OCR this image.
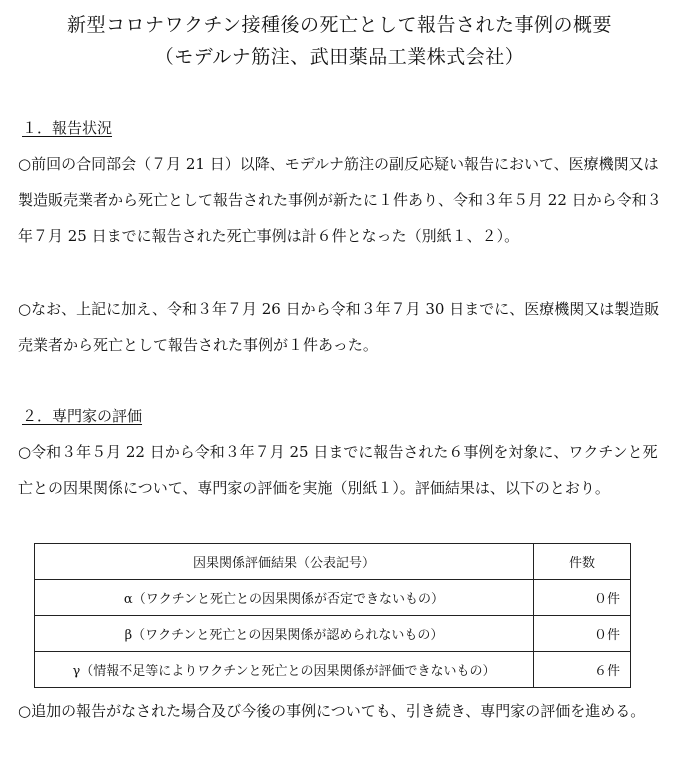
新型コロナワクチン接種後の死亡として報告された事例の概要
（モデルナ筋注、武田薬品工業株式会社）
１．報告状況

○前回の合同部会（７月 21 日）以降、モデルナ筋注の副反応疑い報告において、医療機関又は製造販売業者から死亡として報告された事例が新たに１件あり、令和３年５月 22 日から令和３年７月 25 日までに報告された死亡事例は計６件となった（別紙１、２）。

○なお、上記に加え、令和３年７月 26 日から令和３年７月 30 日までに、医療機関又は製造販売業者から死亡として報告された事例が１件あった。

２．専門家の評価

○令和３年５月 22 日から令和３年７月 25 日までに報告された６事例を対象に、ワクチンと死亡との因果関係について、専門家の評価を実施（別紙１）。評価結果は、以下のとおり。

因果関係評価結果（公表記号）	件数
α（ワクチンと死亡との因果関係が否定できないもの）	０件
β（ワクチンと死亡との因果関係が認められないもの）	０件
γ（情報不足等によりワクチンと死亡との因果関係が評価できないもの）	６件

○追加の報告がなされた場合及び今後の事例についても、引き続き、専門家の評価を進める。
